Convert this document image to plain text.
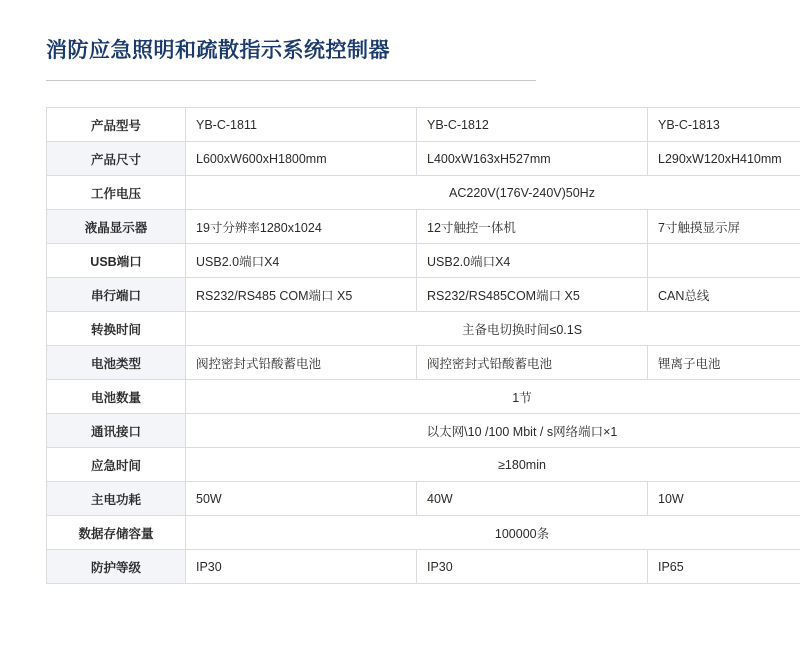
消防应急照明和疏散指示系统控制器
产品型号	YB-C-1811	YB-C-1812	YB-C-1813
产品尺寸	L600xW600xH1800mm	L400xW163xH527mm	L290xW120xH410mm
工作电压	AC220V(176V-240V)50Hz		
液晶显示器	19寸分辨率1280x1024	12寸触控一体机	7寸触摸显示屏
USB端口	USB2.0端口X4	USB2.0端口X4	
串行端口	RS232/RS485 COM端口 X5	RS232/RS485COM端口 X5	CAN总线
转换时间	主备电切换时间≤0.1S		
电池类型	阀控密封式铅酸蓄电池	阀控密封式铅酸蓄电池	锂离子电池
电池数量	1节		
通讯接口	以太网\10 /100 Mbit / s网络端口×1		
应急时间	≥180min		
主电功耗	50W	40W	10W
数据存储容量	100000条		
防护等级	IP30	IP30	IP65
